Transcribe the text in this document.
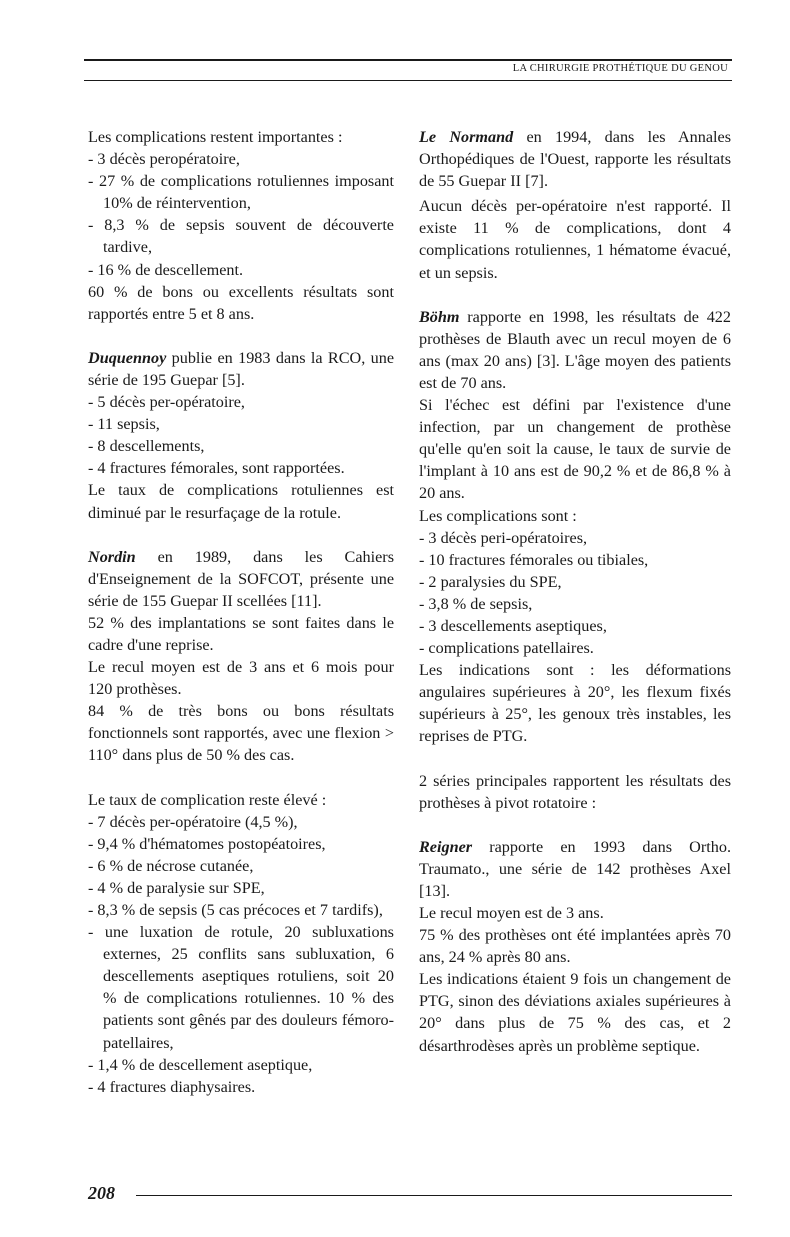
LA CHIRURGIE PROTHÉTIQUE DU GENOU

Les complications restent importantes :

- 3 décès peropératoire,

- 27 % de complications rotuliennes imposant 10% de réintervention,

- 8,3 % de sepsis souvent de découverte tardive,

- 16 % de descellement.

60 % de bons ou excellents résultats sont rapportés entre 5 et 8 ans.

Duquennoy publie en 1983 dans la RCO, une série de 195 Guepar [5].

- 5 décès per-opératoire,

- 11 sepsis,

- 8 descellements,

- 4 fractures fémorales, sont rapportées.

Le taux de complications rotuliennes est diminué par le resurfaçage de la rotule.

Nordin en 1989, dans les Cahiers d'Enseignement de la SOFCOT, présente une série de 155 Guepar II scellées [11].

52 % des implantations se sont faites dans le cadre d'une reprise.

Le recul moyen est de 3 ans et 6 mois pour 120 prothèses.

84 % de très bons ou bons résultats fonctionnels sont rapportés, avec une flexion > 110° dans plus de 50 % des cas.

Le taux de complication reste élevé :

- 7 décès per-opératoire (4,5 %),

- 9,4 % d'hématomes postopéatoires,

- 6 % de nécrose cutanée,

- 4 % de paralysie sur SPE,

- 8,3 % de sepsis (5 cas précoces et 7 tardifs),

- une luxation de rotule, 20 subluxations externes, 25 conflits sans subluxation, 6 descellements aseptiques rotuliens, soit 20 % de complications rotuliennes. 10 % des patients sont gênés par des douleurs fémoro-patellaires,

- 1,4 % de descellement aseptique,

- 4 fractures diaphysaires.

Le Normand en 1994, dans les Annales Orthopédiques de l'Ouest, rapporte les résultats de 55 Guepar II [7].

Aucun décès per-opératoire n'est rapporté. Il existe 11 % de complications, dont 4 complications rotuliennes, 1 hématome évacué, et un sepsis.

Böhm rapporte en 1998, les résultats de 422 prothèses de Blauth avec un recul moyen de 6 ans (max 20 ans) [3]. L'âge moyen des patients est de 70 ans.

Si l'échec est défini par l'existence d'une infection, par un changement de prothèse qu'elle qu'en soit la cause, le taux de survie de l'implant à 10 ans est de 90,2 % et de 86,8 % à 20 ans.

Les complications sont :

- 3 décès peri-opératoires,

- 10 fractures fémorales ou tibiales,

- 2 paralysies du SPE,

- 3,8 % de sepsis,

- 3 descellements aseptiques,

- complications patellaires.

Les indications sont : les déformations angulaires supérieures à 20°, les flexum fixés supérieurs à 25°, les genoux très instables, les reprises de PTG.

2 séries principales rapportent les résultats des prothèses à pivot rotatoire :

Reigner rapporte en 1993 dans Ortho. Traumato., une série de 142 prothèses Axel [13].

Le recul moyen est de 3 ans.

75 % des prothèses ont été implantées après 70 ans, 24 % après 80 ans.

Les indications étaient 9 fois un changement de PTG, sinon des déviations axiales supérieures à 20° dans plus de 75 % des cas, et 2 désarthrodèses après un problème septique.

208
